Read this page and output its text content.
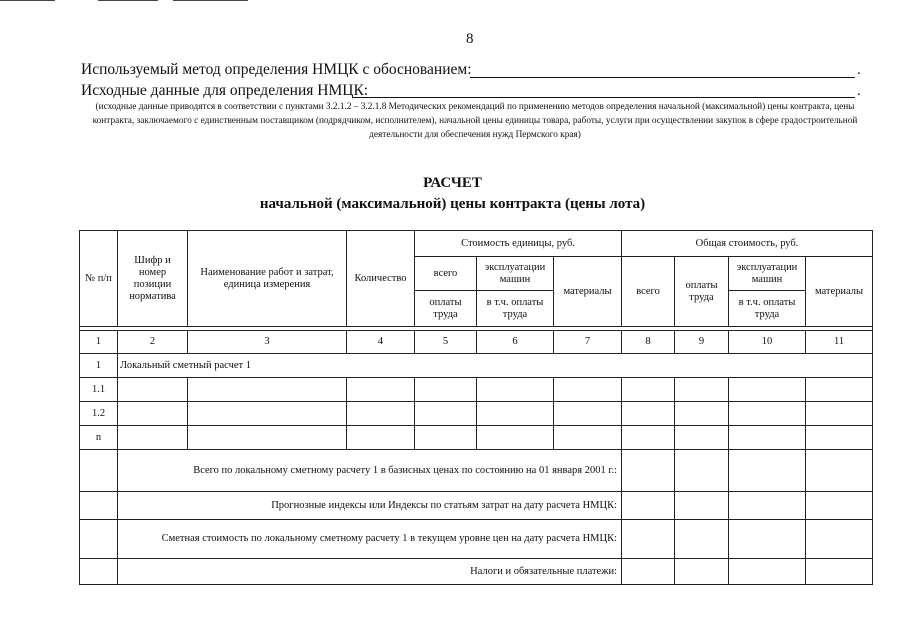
8
Используемый метод определения НМЦК с обоснованием:	.
Исходные данные для определения НМЦК:	.
(исходные данные приводятся в соответствии с пунктами 3.2.1.2 – 3.2.1.8 Методических рекомендаций по применению методов определения начальной (максимальной) цены контракта, цены контракта, заключаемого с единственным поставщиком (подрядчиком, исполнителем), начальной цены единицы товара, работы, услуги при осуществлении закупок в сфере градостроительной деятельности для обеспечения нужд Пермского края)
РАСЧЕТ
начальной (максимальной) цены контракта (цены лота)
№ п/п	Шифр и номер позиции норматива	Наименование работ и затрат, единица измерения	Количество	Стоимость единицы, руб.			Общая стоимость, руб.			
				всего	эксплуатации машин	материалы	всего	оплаты труда	эксплуатации машин	материалы
				оплаты труда	в т.ч. оплаты труда				в т.ч. оплаты труда	

1	2	3	4	5	6	7	8	9	10	11
1	Локальный сметный расчет 1									
1.1										
1.2										
n										
	Всего по локальному сметному расчету 1 в базисных ценах по состоянию на 01 января 2001 г.:									
	Прогнозные индексы или Индексы по статьям затрат на дату расчета НМЦК:									
	Сметная стоимость по локальному сметному расчету 1 в текущем уровне цен на дату расчета НМЦК:									
	Налоги и обязательные платежи:									
